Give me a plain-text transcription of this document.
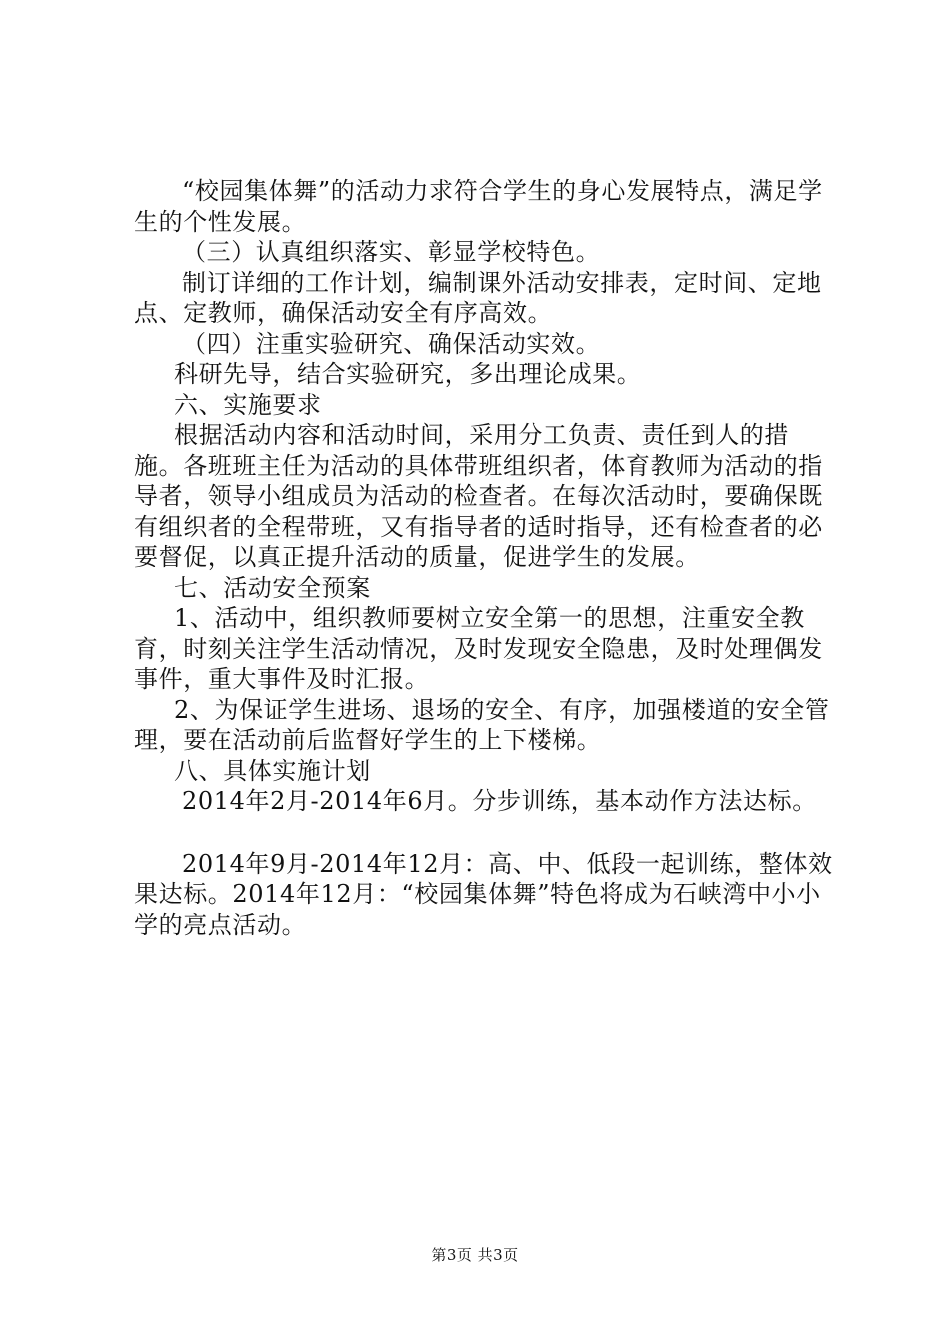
“校园集体舞”的活动力求符合学生的身心发展特点，满足学生的个性发展。

（三）认真组织落实、彰显学校特色。

制订详细的工作计划，编制课外活动安排表，定时间、定地点、定教师，确保活动安全有序高效。

（四）注重实验研究、确保活动实效。

科研先导，结合实验研究，多出理论成果。

六、实施要求

根据活动内容和活动时间，采用分工负责、责任到人的措施。各班班主任为活动的具体带班组织者，体育教师为活动的指导者，领导小组成员为活动的检查者。在每次活动时，要确保既有组织者的全程带班，又有指导者的适时指导，还有检查者的必要督促，以真正提升活动的质量，促进学生的发展。

七、活动安全预案

1、活动中，组织教师要树立安全第一的思想，注重安全教育，时刻关注学生活动情况，及时发现安全隐患，及时处理偶发事件，重大事件及时汇报。

2、为保证学生进场、退场的安全、有序，加强楼道的安全管理，要在活动前后监督好学生的上下楼梯。

八、具体实施计划

2014年2月-2014年6月。分步训练，基本动作方法达标。

2014年9月-2014年12月：高、中、低段一起训练，整体效果达标。2014年12月：“校园集体舞”特色将成为石峡湾中小小学的亮点活动。

第3页 共3页
